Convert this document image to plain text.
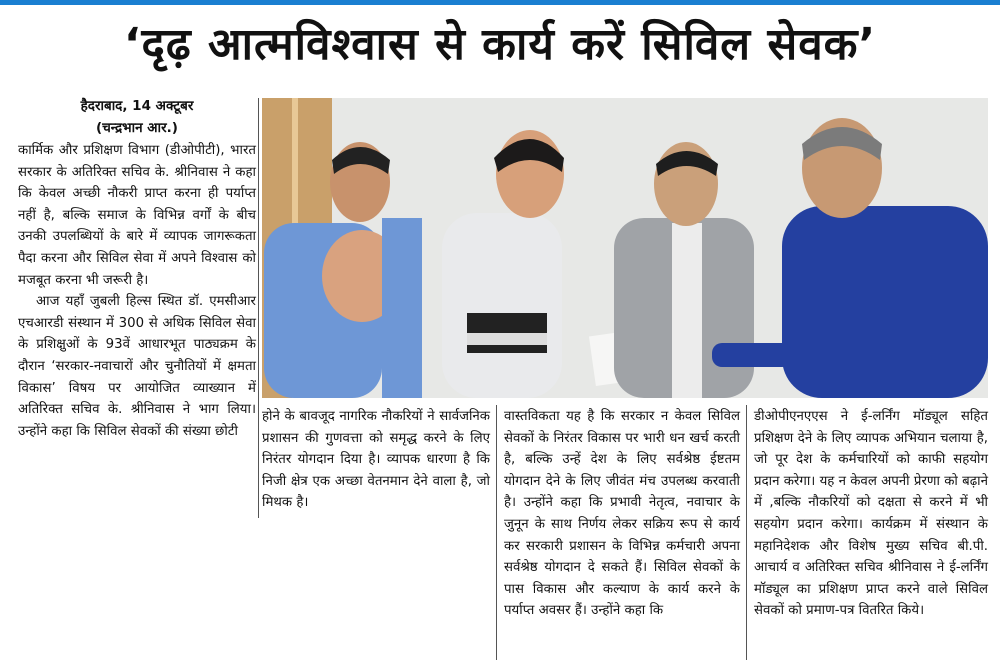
‘दृढ़ आत्मविश्वास से कार्य करें सिविल सेवक’
हैदराबाद, 14 अक्टूबर
(चन्द्रभान आर.)

कार्मिक और प्रशिक्षण विभाग (डीओपीटी), भारत सरकार के अतिरिक्त सचिव के. श्रीनिवास ने कहा कि केवल अच्छी नौकरी प्राप्त करना ही पर्याप्त नहीं है, बल्कि समाज के विभिन्न वर्गों के बीच उनकी उपलब्धियों के बारे में व्यापक जागरूकता पैदा करना और सिविल सेवा में अपने विश्वास को मजबूत करना भी जरूरी है।

आज यहाँ जुबली हिल्स स्थित डॉ. एमसीआर एचआरडी संस्थान में 300 से अधिक सिविल सेवा के प्रशिक्षुओं के 93वें आधारभूत पाठ्यक्रम के दौरान ‘सरकार-नवाचारों और चुनौतियों में क्षमता विकास’ विषय पर आयोजित व्याख्यान में अतिरिक्त सचिव के. श्रीनिवास ने भाग लिया। उन्होंने कहा कि सिविल सेवकों की संख्या छोटी

होने के बावजूद नागरिक नौकरियों ने सार्वजनिक प्रशासन की गुणवत्ता को समृद्ध करने के लिए निरंतर योगदान दिया है। व्यापक धारणा है कि निजी क्षेत्र एक अच्छा वेतनमान देने वाला है, जो मिथक है।

वास्तविकता यह है कि सरकार न केवल सिविल सेवकों के निरंतर विकास पर भारी धन खर्च करती है, बल्कि उन्हें देश के लिए सर्वश्रेष्ठ ईष्टतम योगदान देने के लिए जीवंत मंच उपलब्ध करवाती है। उन्होंने कहा कि प्रभावी नेतृत्व, नवाचार के जुनून के साथ निर्णय लेकर सक्रिय रूप से कार्य कर सरकारी प्रशासन के विभिन्न कर्मचारी अपना सर्वश्रेष्ठ योगदान दे सकते हैं। सिविल सेवकों के पास विकास और कल्याण के कार्य करने के पर्याप्त अवसर हैं। उन्होंने कहा कि

डीओपीएनएएस ने ई-लर्निंग मॉड्यूल सहित प्रशिक्षण देने के लिए व्यापक अभियान चलाया है, जो पूर देश के कर्मचारियों को काफी सहयोग प्रदान करेगा। यह न केवल अपनी प्रेरणा को बढ़ाने में ,बल्कि नौकरियों को दक्षता से करने में भी सहयोग प्रदान करेगा। कार्यक्रम में संस्थान के महानिदेशक और विशेष मुख्य सचिव बी.पी. आचार्य व अतिरिक्त सचिव श्रीनिवास ने ई-लर्निंग मॉड्यूल का प्रशिक्षण प्राप्त करने वाले सिविल सेवकों को प्रमाण-पत्र वितरित किये।
